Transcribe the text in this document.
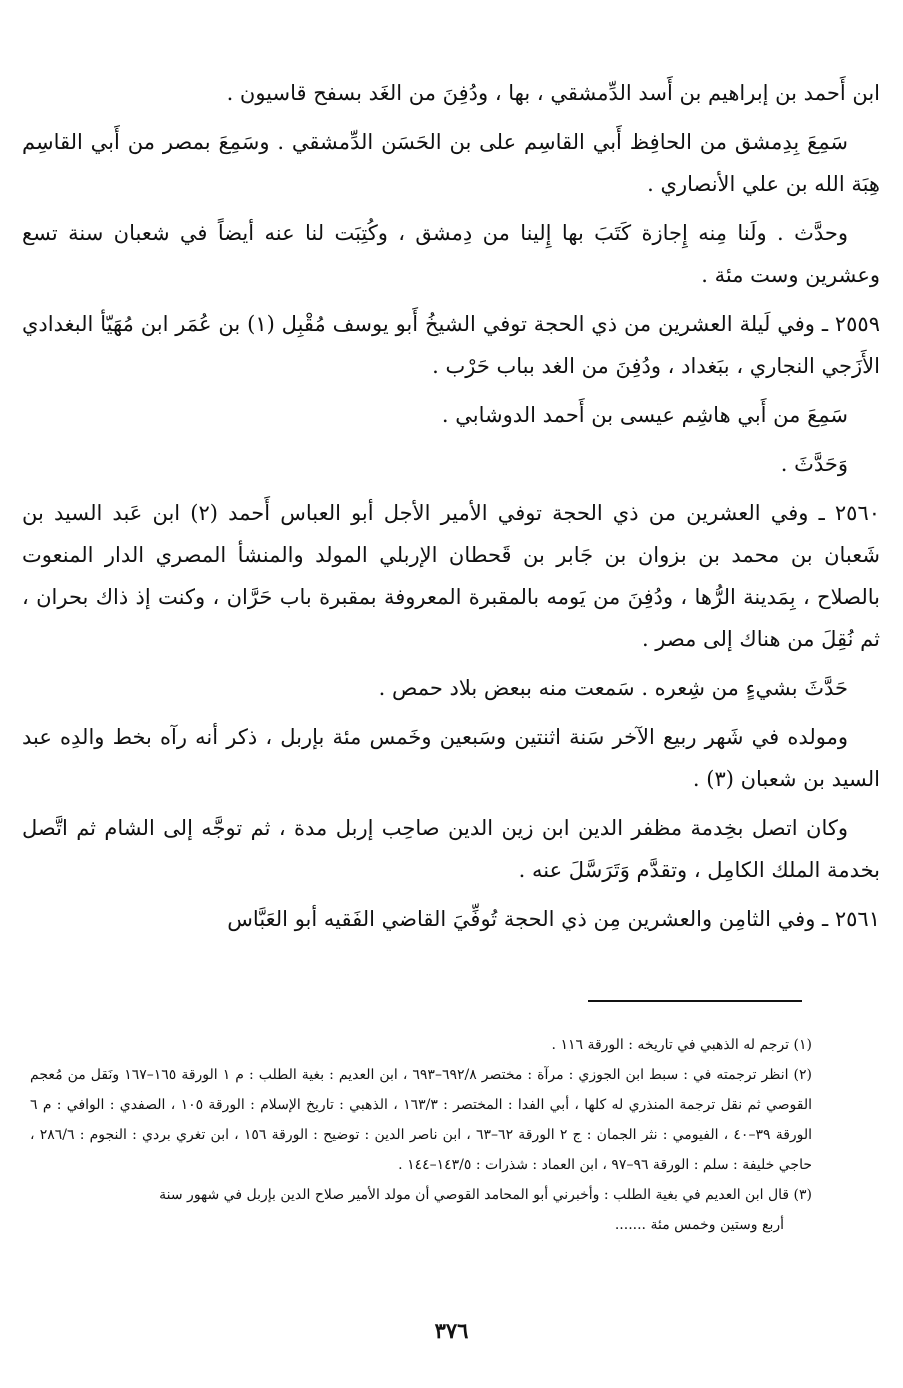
ابن أَحمد بن إبراهيم بن أَسد الدِّمشقي ، بها ، ودُفِنَ من الغَد بسفح قاسيون .

سَمِعَ بِدِمشق من الحافِظ أَبي القاسِم على بن الحَسَن الدِّمشقي . وسَمِعَ بمصر من أَبي القاسِم هِبَة الله بن علي الأنصاري .

وحدَّث . ولَنا مِنه إِجازة كَتَبَ بها إِلينا من دِمشق ، وكُتِبَت لنا عنه أيضاً في شعبان سنة تسع وعشرين وست مئة .

٢٥٥٩ ـ وفي لَيلة العشرين من ذي الحجة توفي الشيخُ أَبو يوسف مُقْبِل (١) بن عُمَر ابن مُهَيّأ البغدادي الأَزَجي النجاري ، ببَغداد ، ودُفِنَ من الغد بباب حَرْب .

سَمِعَ من أَبي هاشِم عيسى بن أَحمد الدوشابي .

وَحَدَّثَ .

٢٥٦٠ ـ وفي العشرين من ذي الحجة توفي الأمير الأجل أبو العباس أَحمد (٢) ابن عَبد السيد بن شَعبان بن محمد بن بزوان بن جَابر بن قَحطان الإربلي المولد والمنشأ المصري الدار المنعوت بالصلاح ، بِمَدينة الرُّها ، ودُفِنَ من يَومه بالمقبرة المعروفة بمقبرة باب حَرَّان ، وكنت إذ ذاك بحران ، ثم نُقِلَ من هناك إلى مصر .

حَدَّثَ بشيءٍ من شِعره . سَمعت منه ببعض بلاد حمص .

ومولده في شَهر ربيع الآخر سَنة اثنتين وسَبعين وخَمس مئة بإربل ، ذكر أنه رآه بخط والدِه عبد السيد بن شعبان (٣) .

وكان اتصل بخِدمة مظفر الدين ابن زين الدين صاحِب إربل مدة ، ثم توجَّه إلى الشام ثم اتَّصل بخدمة الملك الكامِل ، وتقدَّم وَتَرَسَّلَ عنه .

٢٥٦١ ـ وفي الثامِن والعشرين مِن ذي الحجة تُوفِّيَ القاضي الفَقيه أبو العَبَّاس

(١) ترجم له الذهبي في تاريخه : الورقة ١١٦ .

(٢) انظر ترجمته في : سبط ابن الجوزي : مرآة : مختصر ٦٩٢/٨–٦٩٣ ، ابن العديم : بغية الطلب : م ١ الورقة ١٦٥–١٦٧ ونَقل من مُعجم القوصي ثم نقل ترجمة المنذري له كلها ، أبي الفدا : المختصر : ١٦٣/٣ ، الذهبي : تاريخ الإسلام : الورقة ١٠٥ ، الصفدي : الوافي : م ٦ الورقة ٣٩–٤٠ ، الفيومي : نثر الجمان : ج ٢ الورقة ٦٢–٦٣ ، ابن ناصر الدين : توضيح : الورقة ١٥٦ ، ابن تغري بردي : النجوم : ٢٨٦/٦ ، حاجي خليفة : سلم : الورقة ٩٦–٩٧ ، ابن العماد : شذرات : ١٤٣/٥–١٤٤ .

(٣) قال ابن العديم في بغية الطلب : وأخبرني أبو المحامد القوصي أن مولد الأمير صلاح الدين بإربل في شهور سنة

أربع وستين وخمس مئة .......

٣٧٦
